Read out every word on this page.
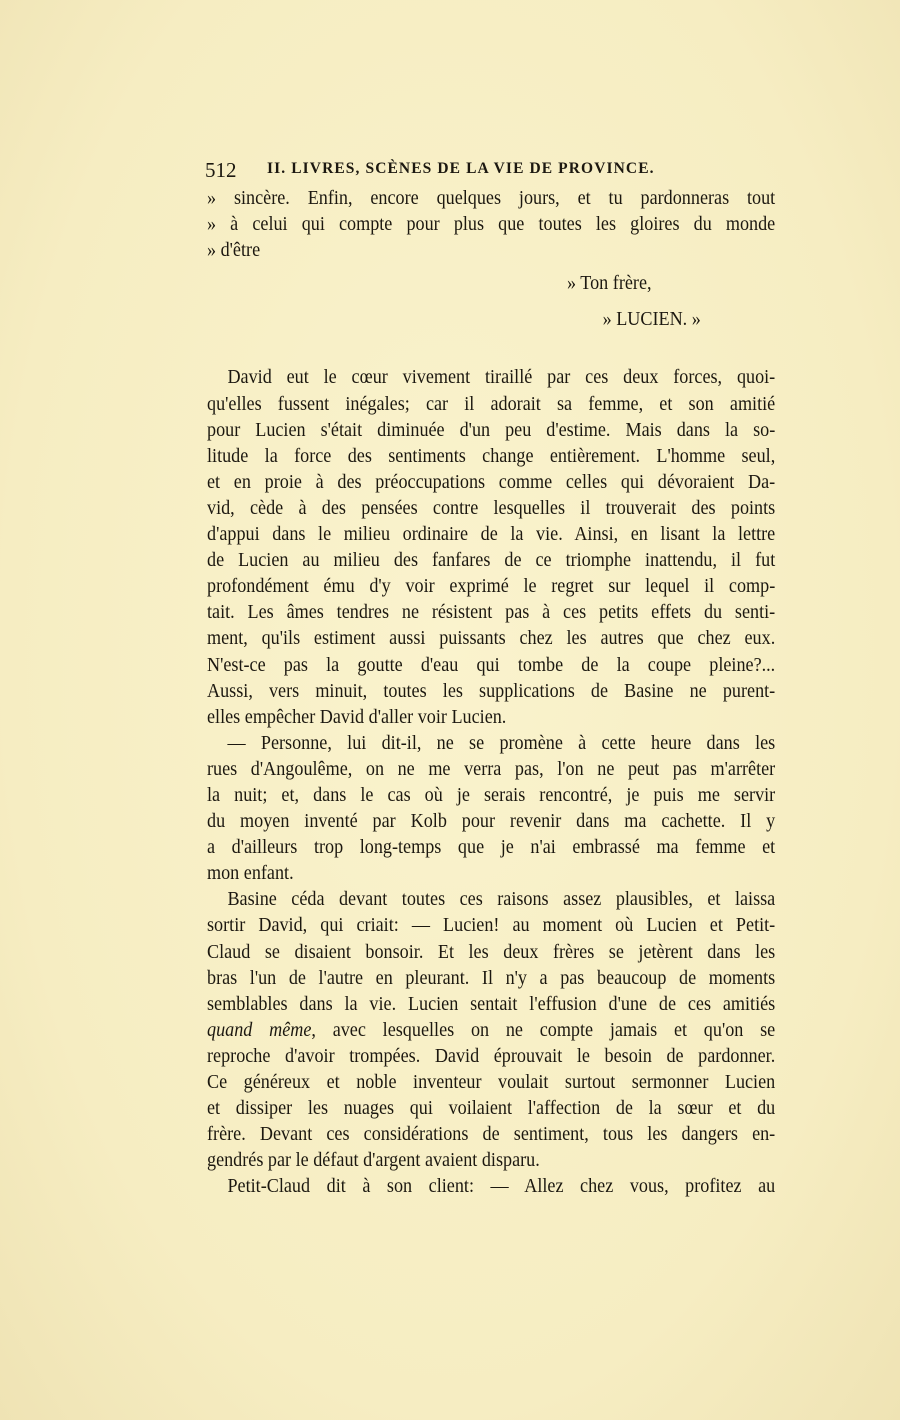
512 II. LIVRES, SCÈNES DE LA VIE DE PROVINCE.
» sincère. Enfin, encore quelques jours, et tu pardonneras tout
» à celui qui compte pour plus que toutes les gloires du monde
» d'être
» Ton frère,
» LUCIEN. »
David eut le cœur vivement tiraillé par ces deux forces, quoi-
qu'elles fussent inégales; car il adorait sa femme, et son amitié
pour Lucien s'était diminuée d'un peu d'estime. Mais dans la so-
litude la force des sentiments change entièrement. L'homme seul,
et en proie à des préoccupations comme celles qui dévoraient Da-
vid, cède à des pensées contre lesquelles il trouverait des points
d'appui dans le milieu ordinaire de la vie. Ainsi, en lisant la lettre
de Lucien au milieu des fanfares de ce triomphe inattendu, il fut
profondément ému d'y voir exprimé le regret sur lequel il comp-
tait. Les âmes tendres ne résistent pas à ces petits effets du senti-
ment, qu'ils estiment aussi puissants chez les autres que chez eux.
N'est-ce pas la goutte d'eau qui tombe de la coupe pleine?...
Aussi, vers minuit, toutes les supplications de Basine ne purent-
elles empêcher David d'aller voir Lucien.
— Personne, lui dit-il, ne se promène à cette heure dans les
rues d'Angoulême, on ne me verra pas, l'on ne peut pas m'arrêter
la nuit; et, dans le cas où je serais rencontré, je puis me servir
du moyen inventé par Kolb pour revenir dans ma cachette. Il y
a d'ailleurs trop long-temps que je n'ai embrassé ma femme et
mon enfant.
Basine céda devant toutes ces raisons assez plausibles, et laissa
sortir David, qui criait: — Lucien! au moment où Lucien et Petit-
Claud se disaient bonsoir. Et les deux frères se jetèrent dans les
bras l'un de l'autre en pleurant. Il n'y a pas beaucoup de moments
semblables dans la vie. Lucien sentait l'effusion d'une de ces amitiés
quand même, avec lesquelles on ne compte jamais et qu'on se
reproche d'avoir trompées. David éprouvait le besoin de pardonner.
Ce généreux et noble inventeur voulait surtout sermonner Lucien
et dissiper les nuages qui voilaient l'affection de la sœur et du
frère. Devant ces considérations de sentiment, tous les dangers en-
gendrés par le défaut d'argent avaient disparu.
Petit-Claud dit à son client: — Allez chez vous, profitez au
